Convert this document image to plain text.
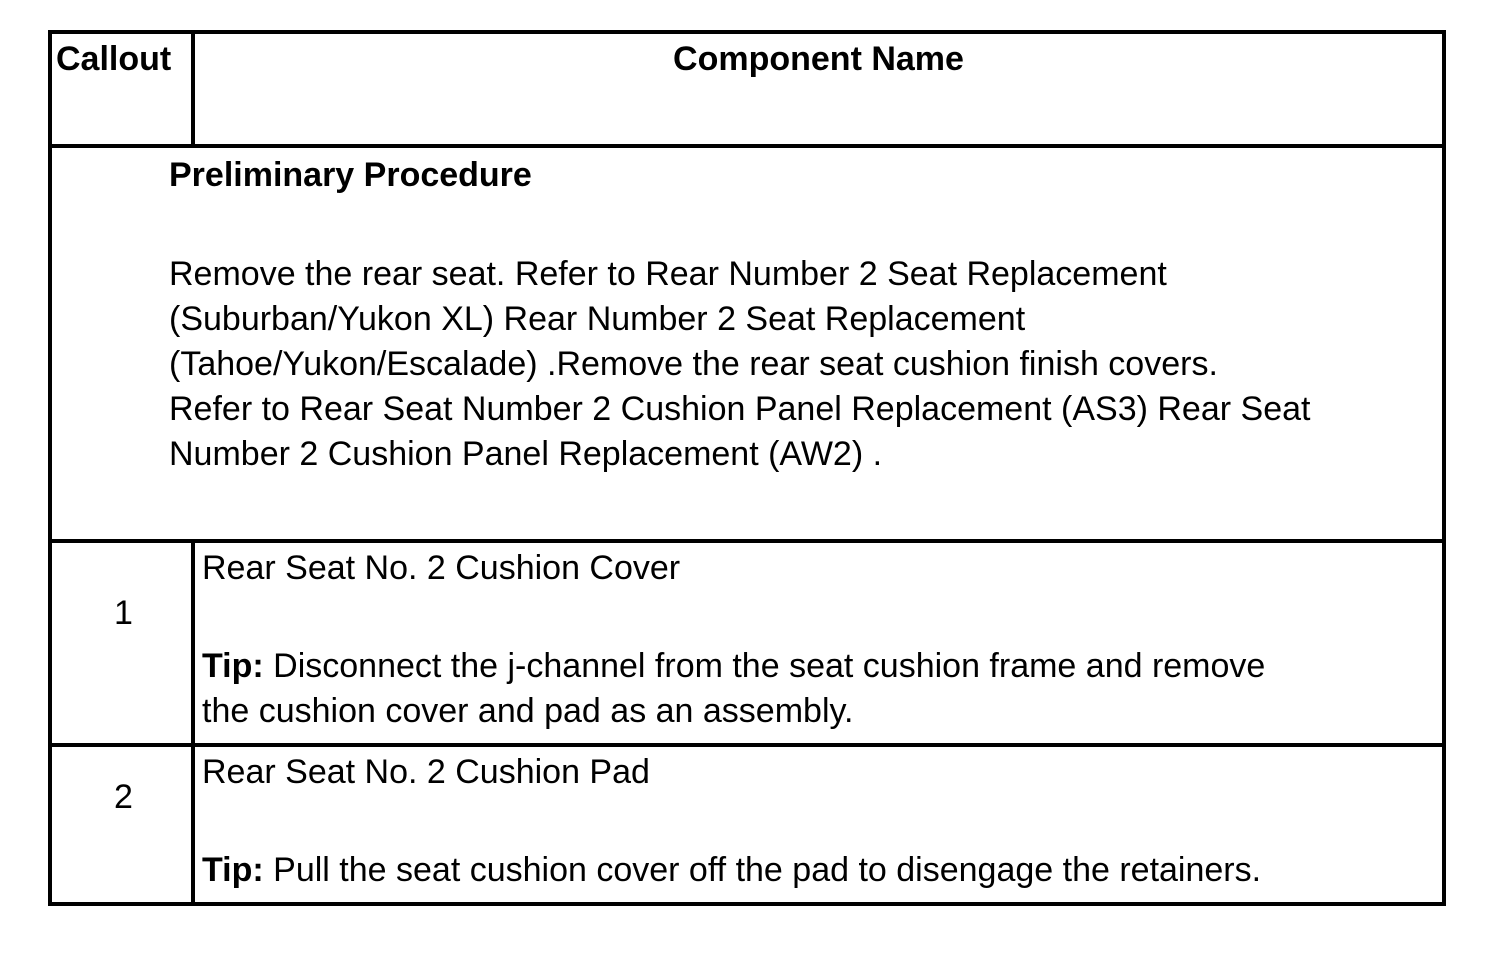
Callout	Component Name
Preliminary Procedure
Remove the rear seat. Refer to Rear Number 2 Seat Replacement
(Suburban/Yukon XL) Rear Number 2 Seat Replacement
(Tahoe/Yukon/Escalade) .Remove the rear seat cushion finish covers.
Refer to Rear Seat Number 2 Cushion Panel Replacement (AS3) Rear Seat
Number 2 Cushion Panel Replacement (AW2) .
1
Rear Seat No. 2 Cushion Cover
Tip: Disconnect the j-channel from the seat cushion frame and remove
the cushion cover and pad as an assembly.
2
Rear Seat No. 2 Cushion Pad
Tip: Pull the seat cushion cover off the pad to disengage the retainers.
